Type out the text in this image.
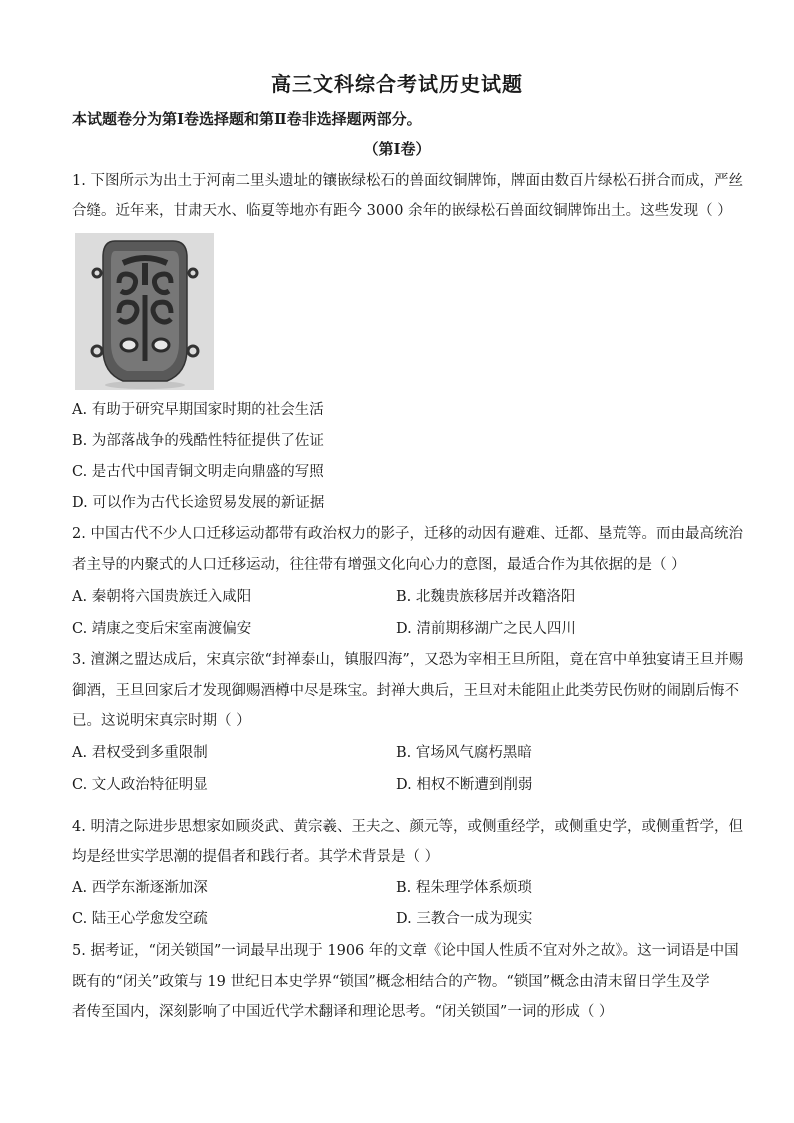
高三文科综合考试历史试题
本试题卷分为第Ⅰ卷选择题和第Ⅱ卷非选择题两部分。
（第Ⅰ卷）
1. 下图所示为出土于河南二里头遗址的镶嵌绿松石的兽面纹铜牌饰，牌面由数百片绿松石拼合而成，严丝
合缝。近年来，甘肃天水、临夏等地亦有距今 3000 余年的嵌绿松石兽面纹铜牌饰出土。这些发现（ ）
A. 有助于研究早期国家时期的社会生活
B. 为部落战争的残酷性特征提供了佐证
C. 是古代中国青铜文明走向鼎盛的写照
D. 可以作为古代长途贸易发展的新证据
2. 中国古代不少人口迁移运动都带有政治权力的影子，迁移的动因有避难、迁都、垦荒等。而由最高统治
者主导的内聚式的人口迁移运动，往往带有增强文化向心力的意图，最适合作为其依据的是（ ）
A. 秦朝将六国贵族迁入咸阳	B. 北魏贵族移居并改籍洛阳
C. 靖康之变后宋室南渡偏安	D. 清前期移湖广之民人四川
3. 澶渊之盟达成后，宋真宗欲“封禅泰山，镇服四海”，又恐为宰相王旦所阻，竟在宫中单独宴请王旦并赐
御酒，王旦回家后才发现御赐酒樽中尽是珠宝。封禅大典后，王旦对未能阻止此类劳民伤财的闹剧后悔不
已。这说明宋真宗时期（ ）
A. 君权受到多重限制	B. 官场风气腐朽黑暗
C. 文人政治特征明显	D. 相权不断遭到削弱
4. 明清之际进步思想家如顾炎武、黄宗羲、王夫之、颜元等，或侧重经学，或侧重史学，或侧重哲学，但
均是经世实学思潮的提倡者和践行者。其学术背景是（ ）
A. 西学东渐逐渐加深	B. 程朱理学体系烦琐
C. 陆王心学愈发空疏	D. 三教合一成为现实
5. 据考证，“闭关锁国”一词最早出现于 1906 年的文章《论中国人性质不宜对外之故》。这一词语是中国
既有的“闭关”政策与 19 世纪日本史学界“锁国”概念相结合的产物。“锁国”概念由清末留日学生及学
者传至国内，深刻影响了中国近代学术翻译和理论思考。“闭关锁国”一词的形成（ ）
